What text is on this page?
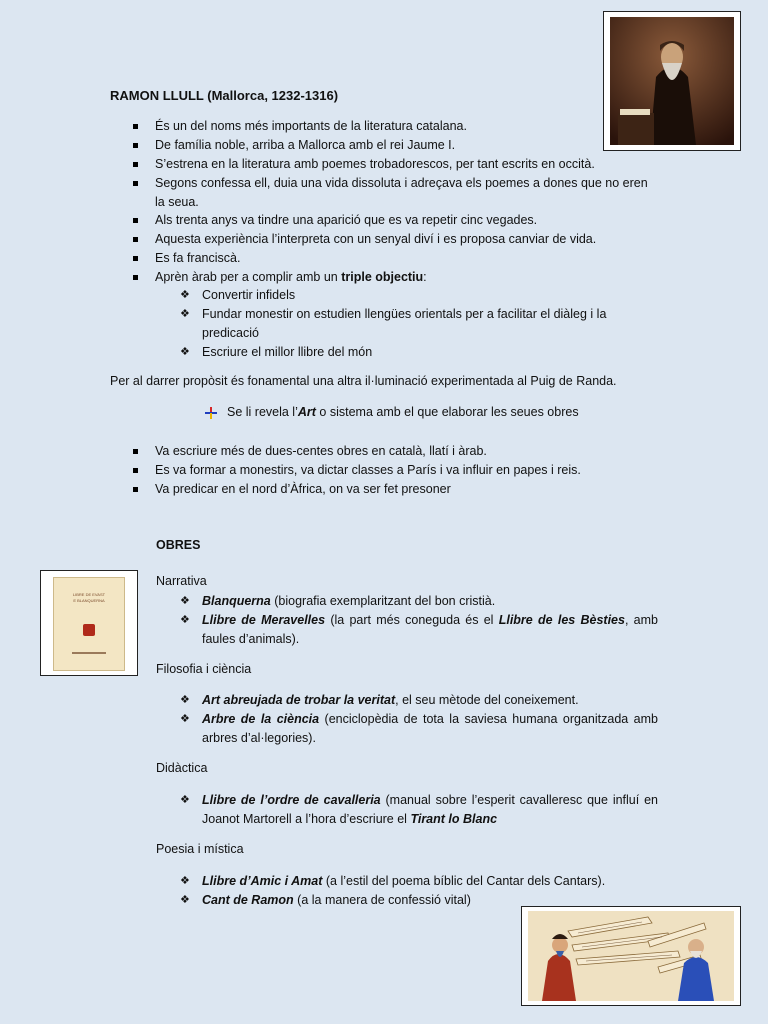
RAMON LLULL (Mallorca, 1232-1316)
És un del noms més importants de la literatura catalana.
De família noble, arriba a Mallorca amb el rei Jaume I.
S’estrena en la literatura amb poemes trobadorescos, per tant escrits en occità.
Segons confessa ell, duia una vida dissoluta i adreçava els poemes a dones que no eren la seua.
Als trenta anys va tindre una aparició que es va repetir cinc vegades.
Aquesta experiència l’interpreta con un senyal diví i es proposa canviar de vida.
Es fa franciscà.
Aprèn àrab per a complir amb un triple objectiu:
❖ Convertir infidels
❖ Fundar monestir on estudien llengües orientals per a facilitar el diàleg i la predicació
❖ Escriure el millor llibre del món
Per al darrer propòsit és fonamental una altra il·luminació experimentada al Puig de Randa.
Se li revela l’Art o sistema amb el que elaborar les seues obres
Va escriure més de dues-centes obres en català, llatí i àrab.
Es va formar a monestirs, va dictar classes a París i va influir en papes i reis.
Va predicar en el nord d’Àfrica, on va ser fet presoner
OBRES
LIBRE DE EVAST
E BLANQUERNA
Narrativa
❖ Blanquerna (biografia exemplaritzant del bon cristià.
❖ Llibre de Meravelles (la part més coneguda és el Llibre de les Bèsties, amb faules d’animals).
Filosofia i ciència
❖ Art abreujada de trobar la veritat, el seu mètode del coneixement.
❖ Arbre de la ciència (enciclopèdia de tota la saviesa humana organitzada amb arbres d’al·legories).
Didàctica
❖ Llibre de l’ordre de cavalleria (manual sobre l’esperit cavalleresc que influí en Joanot Martorell a l’hora d’escriure el Tirant lo Blanc
Poesia i mística
❖ Llibre d’Amic i Amat (a l’estil del poema bíblic del Cantar dels Cantars).
❖ Cant de Ramon (a la manera de confessió vital)
